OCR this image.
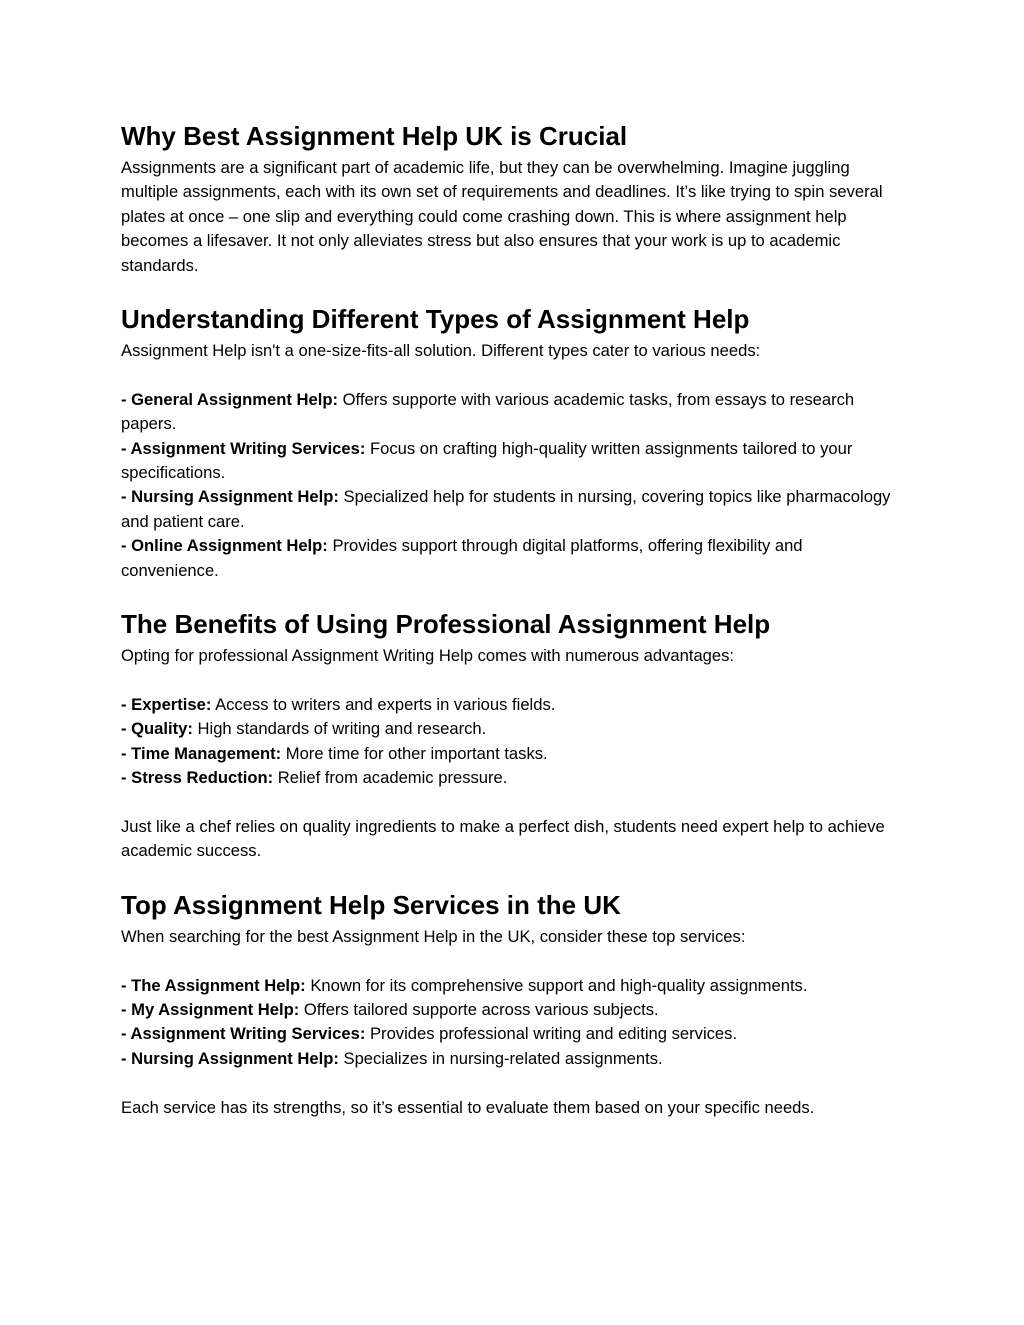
Why Best Assignment Help UK is Crucial

Assignments are a significant part of academic life, but they can be overwhelming. Imagine juggling multiple assignments, each with its own set of requirements and deadlines. It’s like trying to spin several plates at once – one slip and everything could come crashing down. This is where assignment help becomes a lifesaver. It not only alleviates stress but also ensures that your work is up to academic standards.

Understanding Different Types of Assignment Help

Assignment Help isn't a one-size-fits-all solution. Different types cater to various needs:

- General Assignment Help: Offers supporte with various academic tasks, from essays to research papers.

- Assignment Writing Services: Focus on crafting high-quality written assignments tailored to your specifications.

- Nursing Assignment Help: Specialized help for students in nursing, covering topics like pharmacology and patient care.

- Online Assignment Help: Provides support through digital platforms, offering flexibility and convenience.

The Benefits of Using Professional Assignment Help

Opting for professional Assignment Writing Help comes with numerous advantages:

- Expertise: Access to writers and experts in various fields.

- Quality: High standards of writing and research.

- Time Management: More time for other important tasks.

- Stress Reduction: Relief from academic pressure.

Just like a chef relies on quality ingredients to make a perfect dish, students need expert help to achieve academic success.

Top Assignment Help Services in the UK

When searching for the best Assignment Help in the UK, consider these top services:

- The Assignment Help: Known for its comprehensive support and high-quality assignments.

- My Assignment Help: Offers tailored supporte across various subjects.

- Assignment Writing Services: Provides professional writing and editing services.

- Nursing Assignment Help: Specializes in nursing-related assignments.

Each service has its strengths, so it’s essential to evaluate them based on your specific needs.
